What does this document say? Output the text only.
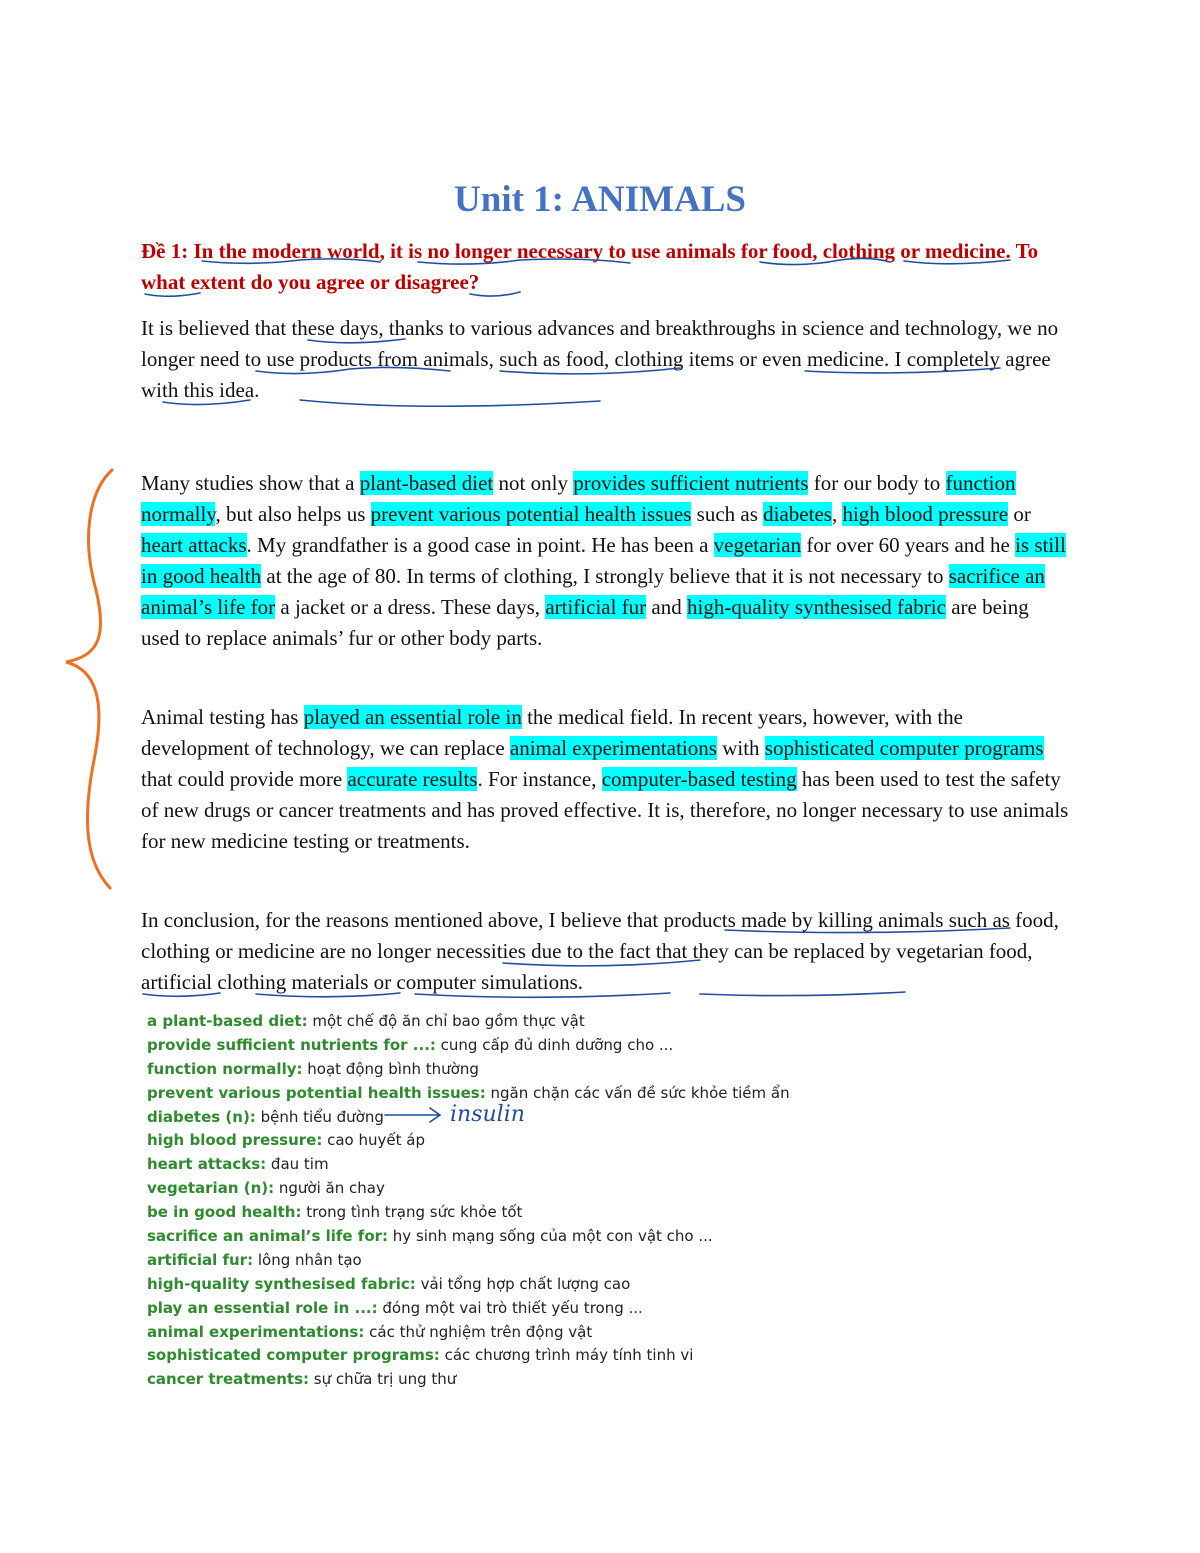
Unit 1: ANIMALS

Đề 1: In the modern world, it is no longer necessary to use animals for food, clothing or medicine. To what extent do you agree or disagree?

It is believed that these days, thanks to various advances and breakthroughs in science and technology, we no longer need to use products from animals, such as food, clothing items or even medicine. I completely agree with this idea.

Many studies show that a plant-based diet not only provides sufficient nutrients for our body to function normally, but also helps us prevent various potential health issues such as diabetes, high blood pressure or heart attacks. My grandfather is a good case in point. He has been a vegetarian for over 60 years and he is still in good health at the age of 80. In terms of clothing, I strongly believe that it is not necessary to sacrifice an animal’s life for a jacket or a dress. These days, artificial fur and high-quality synthesised fabric are being used to replace animals’ fur or other body parts.

Animal testing has played an essential role in the medical field. In recent years, however, with the development of technology, we can replace animal experimentations with sophisticated computer programs that could provide more accurate results. For instance, computer-based testing has been used to test the safety of new drugs or cancer treatments and has proved effective. It is, therefore, no longer necessary to use animals for new medicine testing or treatments.

In conclusion, for the reasons mentioned above, I believe that products made by killing animals such as food, clothing or medicine are no longer necessities due to the fact that they can be replaced by vegetarian food, artificial clothing materials or computer simulations.

a plant-based diet: một chế độ ăn chỉ bao gồm thực vật
provide sufficient nutrients for ...: cung cấp đủ dinh dưỡng cho ...
function normally: hoạt động bình thường
prevent various potential health issues: ngăn chặn các vấn đề sức khỏe tiềm ẩn
diabetes (n): bệnh tiểu đường
high blood pressure: cao huyết áp
heart attacks: đau tim
vegetarian (n): người ăn chay
be in good health: trong tình trạng sức khỏe tốt
sacrifice an animal’s life for: hy sinh mạng sống của một con vật cho ...
artificial fur: lông nhân tạo
high-quality synthesised fabric: vải tổng hợp chất lượng cao
play an essential role in ...: đóng một vai trò thiết yếu trong ...
animal experimentations: các thử nghiệm trên động vật
sophisticated computer programs: các chương trình máy tính tinh vi
cancer treatments: sự chữa trị ung thư
insulin
